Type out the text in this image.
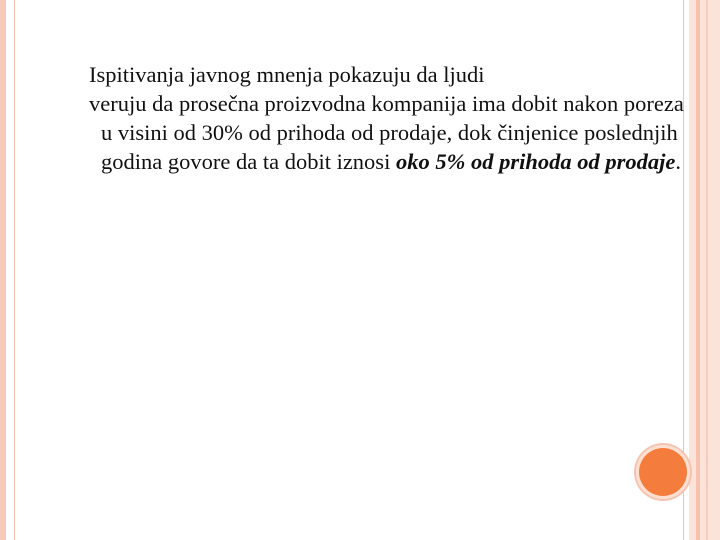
Ispitivanja javnog mnenja pokazuju da ljudi

veruju da prosečna proizvodna kompanija ima dobit nakon poreza u visini od 30% od prihoda od prodaje, dok činjenice poslednjih godina govore da ta dobit iznosi oko 5% od prihoda od prodaje.
